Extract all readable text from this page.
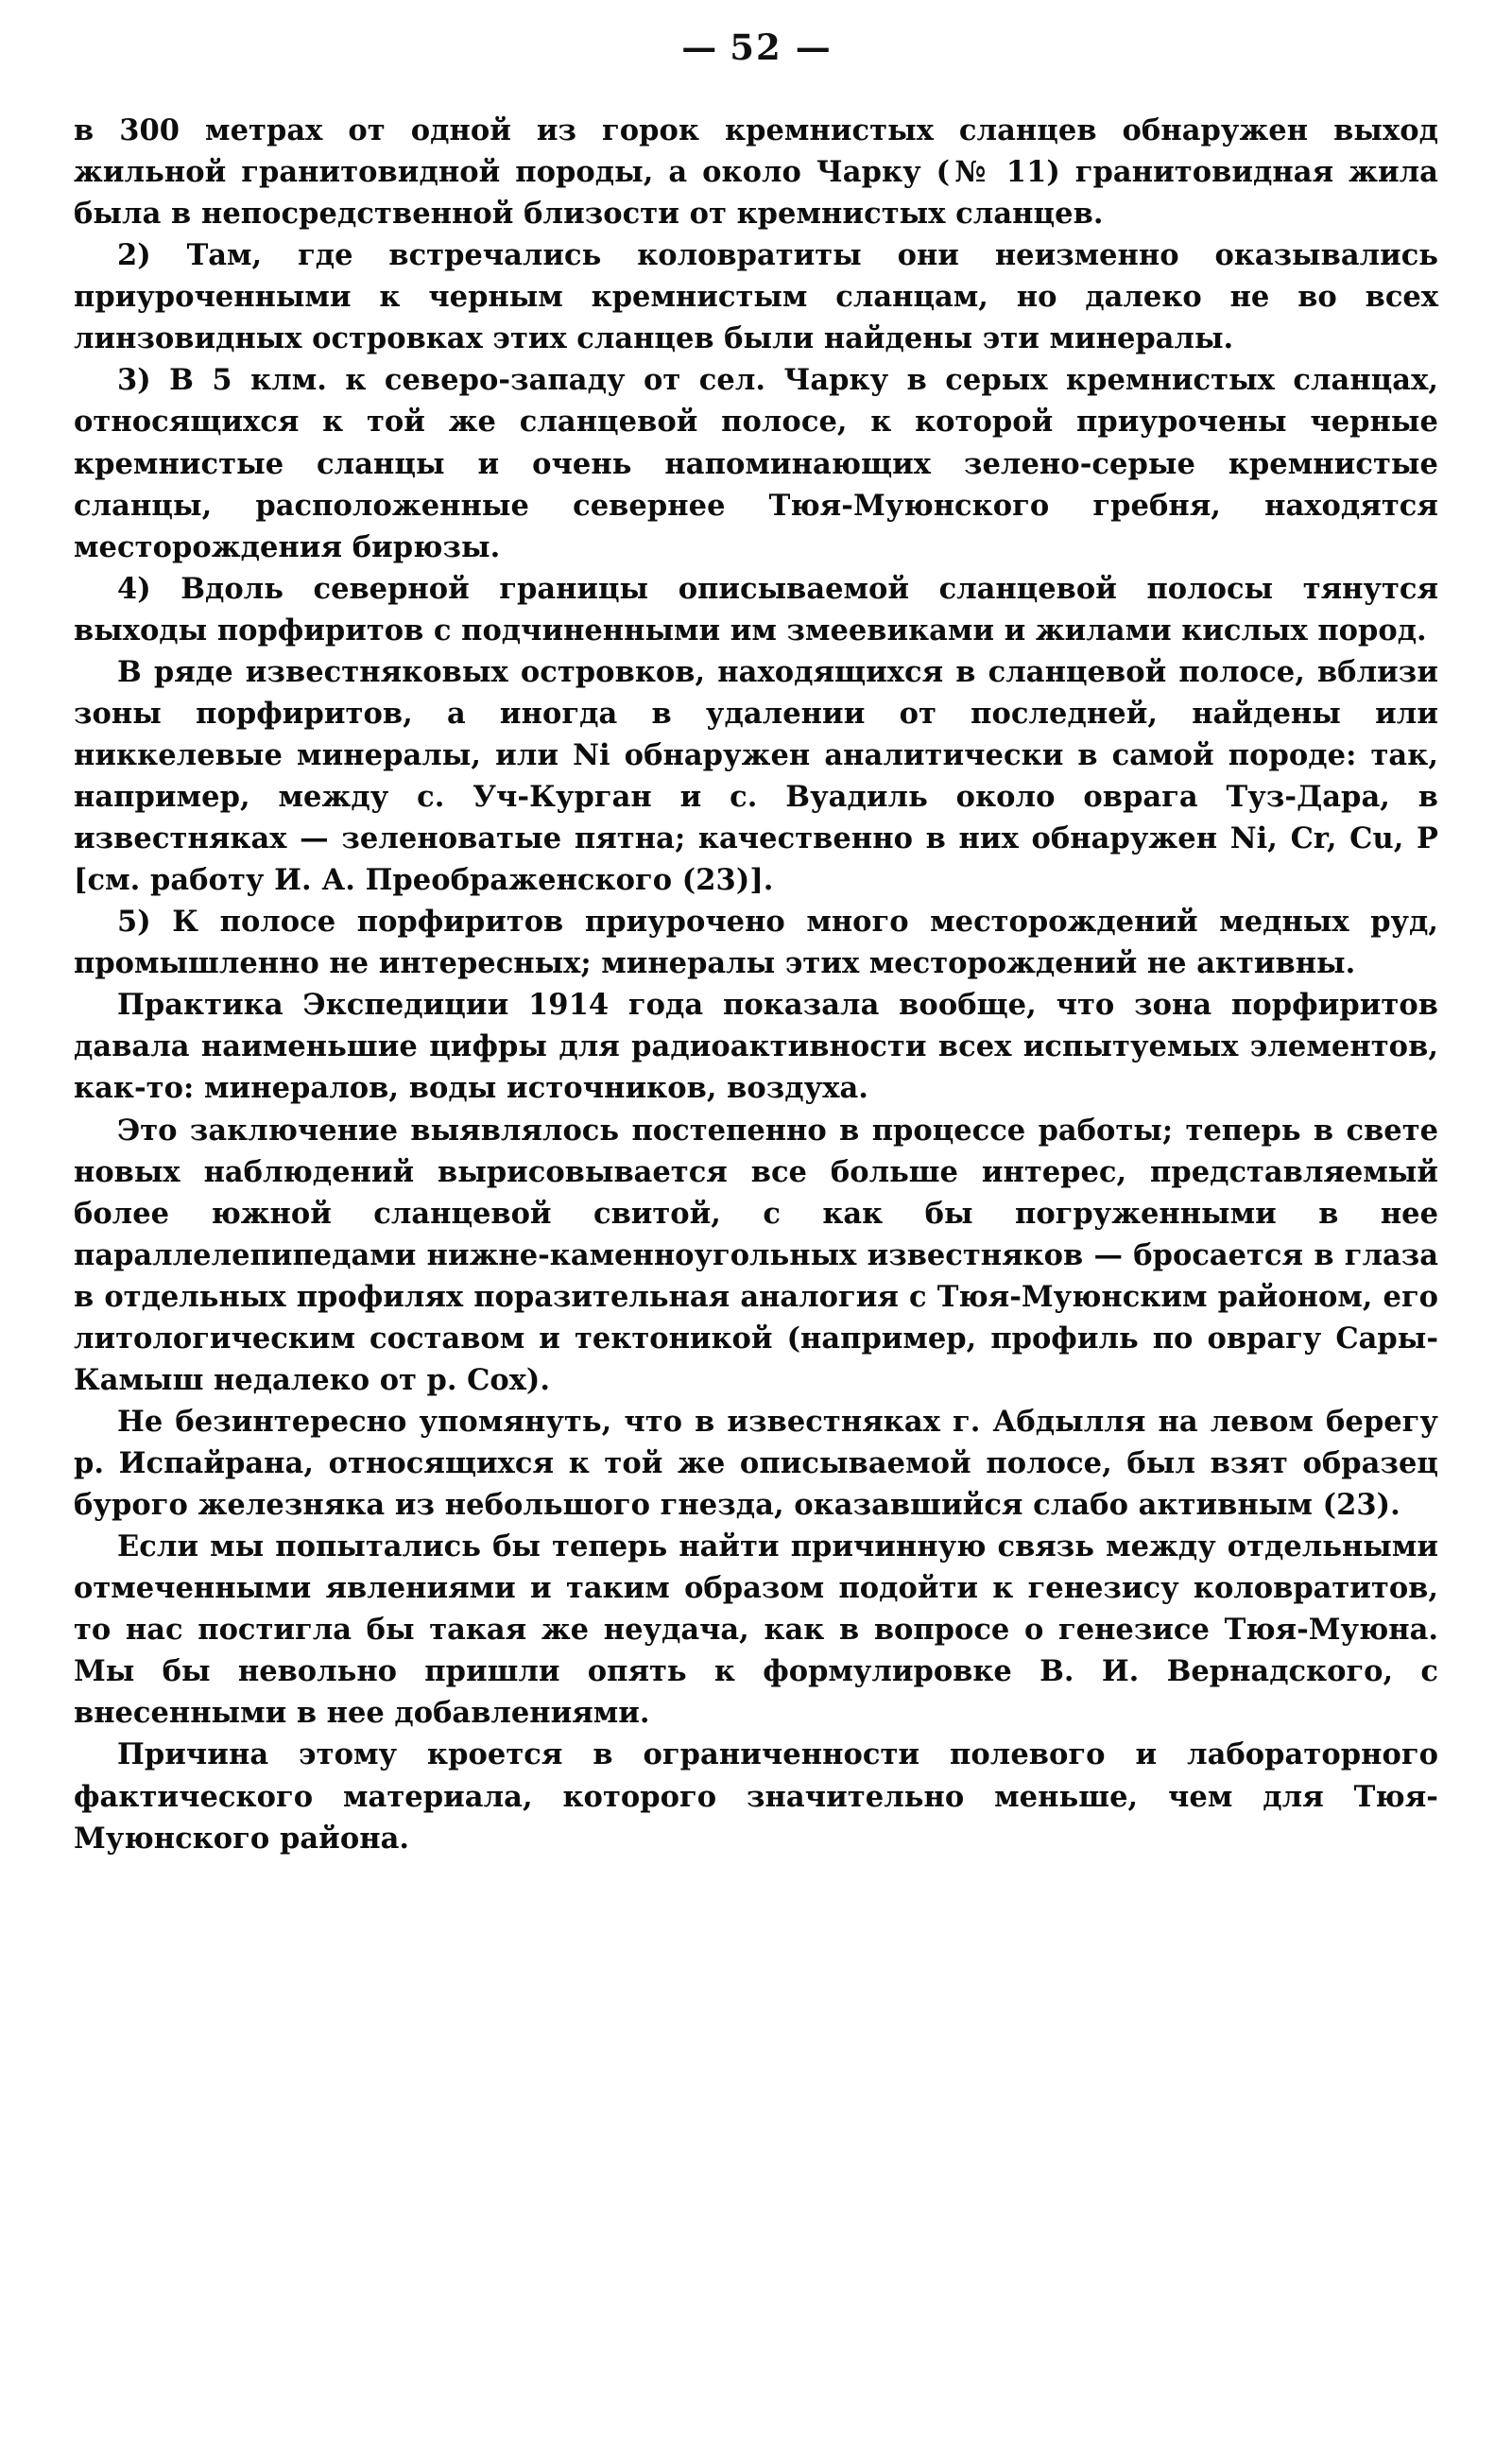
— 52 —

в 300 метрах от одной из горок кремнистых сланцев обнаружен выход жильной гранитовидной породы, а около Чарку (№ 11) гранитовидная жила была в непосредственной близости от кремнистых сланцев.

2) Там, где встречались коловратиты они неизменно оказывались приуроченными к черным кремнистым сланцам, но далеко не во всех линзовидных островках этих сланцев были найдены эти минералы.

3) В 5 клм. к северо-западу от сел. Чарку в серых кремнистых сланцах, относящихся к той же сланцевой полосе, к которой приурочены черные кремнистые сланцы и очень напоминающих зелено-серые кремнистые сланцы, расположенные севернее Тюя-Муюнского гребня, находятся месторождения бирюзы.

4) Вдоль северной границы описываемой сланцевой полосы тянутся выходы порфиритов с подчиненными им змеевиками и жилами кислых пород.

В ряде известняковых островков, находящихся в сланцевой полосе, вблизи зоны порфиритов, а иногда в удалении от последней, найдены или никкелевые минералы, или Ni обнаружен аналитически в самой породе: так, например, между с. Уч-Курган и с. Вуадиль около оврага Туз-Дара, в известняках — зеленоватые пятна; качественно в них обнаружен Ni, Cr, Cu, P [см. работу И. А. Преображенского (23)].

5) К полосе порфиритов приурочено много месторождений медных руд, промышленно не интересных; минералы этих месторождений не активны.

Практика Экспедиции 1914 года показала вообще, что зона порфиритов давала наименьшие цифры для радиоактивности всех испытуемых элементов, как-то: минералов, воды источников, воздуха.

Это заключение выявлялось постепенно в процессе работы; теперь в свете новых наблюдений вырисовывается все больше интерес, представляемый более южной сланцевой свитой, с как бы погруженными в нее параллелепипедами нижне-каменноугольных известняков — бросается в глаза в отдельных профилях поразительная аналогия с Тюя-Муюнским районом, его литологическим составом и тектоникой (например, профиль по оврагу Сары-Камыш недалеко от р. Сох).

Не безинтересно упомянуть, что в известняках г. Абдылля на левом берегу р. Испайрана, относящихся к той же описываемой полосе, был взят образец бурого железняка из небольшого гнезда, оказавшийся слабо активным (23).

Если мы попытались бы теперь найти причинную связь между отдельными отмеченными явлениями и таким образом подойти к генезису коловратитов, то нас постигла бы такая же неудача, как в вопросе о генезисе Тюя-Муюна. Мы бы невольно пришли опять к формулировке В. И. Вернадского, с внесенными в нее добавлениями.

Причина этому кроется в ограниченности полевого и лабораторного фактического материала, которого значительно меньше, чем для Тюя-Муюнского района.
